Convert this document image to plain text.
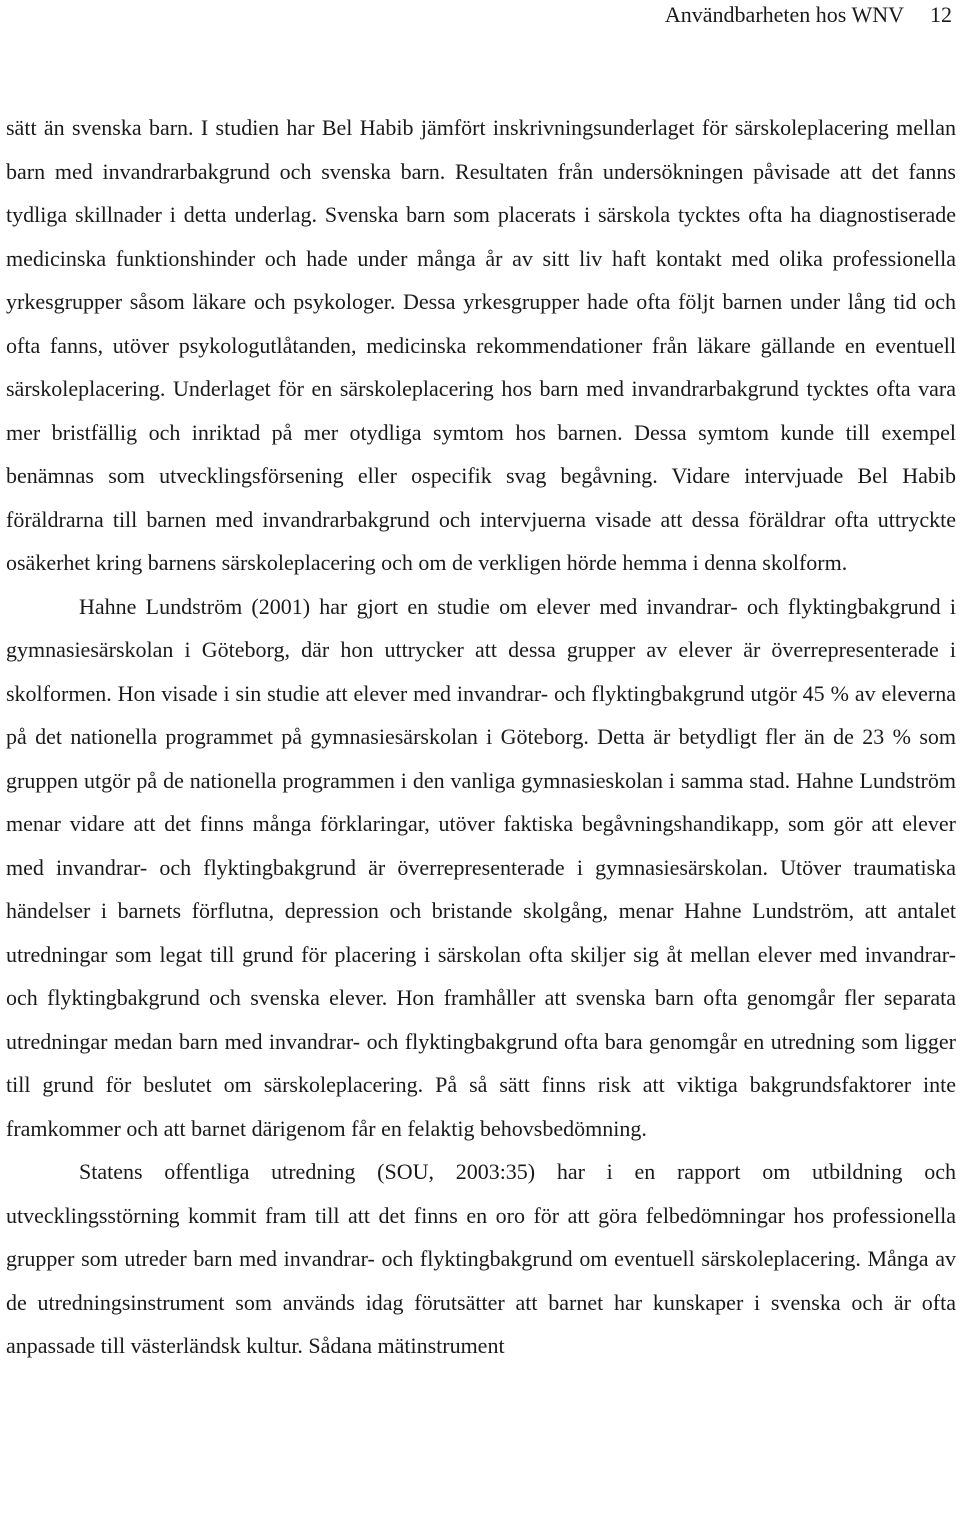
Användbarheten hos WNV 12

sätt än svenska barn. I studien har Bel Habib jämfört inskrivningsunderlaget för särskoleplacering mellan barn med invandrarbakgrund och svenska barn. Resultaten från undersökningen påvisade att det fanns tydliga skillnader i detta underlag. Svenska barn som placerats i särskola tycktes ofta ha diagnostiserade medicinska funktionshinder och hade under många år av sitt liv haft kontakt med olika professionella yrkesgrupper såsom läkare och psykologer. Dessa yrkesgrupper hade ofta följt barnen under lång tid och ofta fanns, utöver psykologutlåtanden, medicinska rekommendationer från läkare gällande en eventuell särskoleplacering. Underlaget för en särskoleplacering hos barn med invandrarbakgrund tycktes ofta vara mer bristfällig och inriktad på mer otydliga symtom hos barnen. Dessa symtom kunde till exempel benämnas som utvecklingsförsening eller ospecifik svag begåvning. Vidare intervjuade Bel Habib föräldrarna till barnen med invandrarbakgrund och intervjuerna visade att dessa föräldrar ofta uttryckte osäkerhet kring barnens särskoleplacering och om de verkligen hörde hemma i denna skolform.

Hahne Lundström (2001) har gjort en studie om elever med invandrar- och flyktingbakgrund i gymnasiesärskolan i Göteborg, där hon uttrycker att dessa grupper av elever är överrepresenterade i skolformen. Hon visade i sin studie att elever med invandrar- och flyktingbakgrund utgör 45 % av eleverna på det nationella programmet på gymnasiesärskolan i Göteborg. Detta är betydligt fler än de 23 % som gruppen utgör på de nationella programmen i den vanliga gymnasieskolan i samma stad. Hahne Lundström menar vidare att det finns många förklaringar, utöver faktiska begåvningshandikapp, som gör att elever med invandrar- och flyktingbakgrund är överrepresenterade i gymnasiesärskolan. Utöver traumatiska händelser i barnets förflutna, depression och bristande skolgång, menar Hahne Lundström, att antalet utredningar som legat till grund för placering i särskolan ofta skiljer sig åt mellan elever med invandrar- och flyktingbakgrund och svenska elever. Hon framhåller att svenska barn ofta genomgår fler separata utredningar medan barn med invandrar- och flyktingbakgrund ofta bara genomgår en utredning som ligger till grund för beslutet om särskoleplacering. På så sätt finns risk att viktiga bakgrundsfaktorer inte framkommer och att barnet därigenom får en felaktig behovsbedömning.

Statens offentliga utredning (SOU, 2003:35) har i en rapport om utbildning och utvecklingsstörning kommit fram till att det finns en oro för att göra felbedömningar hos professionella grupper som utreder barn med invandrar- och flyktingbakgrund om eventuell särskoleplacering. Många av de utredningsinstrument som används idag förutsätter att barnet har kunskaper i svenska och är ofta anpassade till västerländsk kultur. Sådana mätinstrument
